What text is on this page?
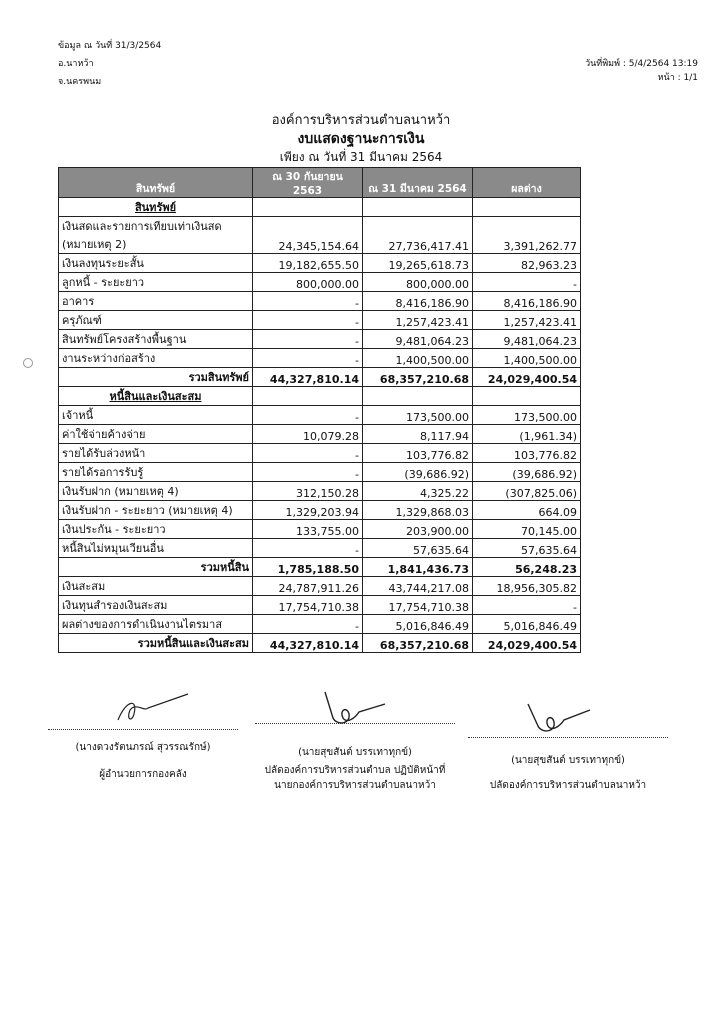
ข้อมูล ณ วันที่ 31/3/2564
อ.นาหว้า
จ.นครพนม
วันที่พิมพ์ : 5/4/2564 13:19
หน้า : 1/1
องค์การบริหารส่วนตำบลนาหว้า
งบแสดงฐานะการเงิน
เพียง ณ วันที่ 31 มีนาคม 2564
สินทรัพย์	ณ 30 กันยายน 2563	ณ 31 มีนาคม 2564	ผลต่าง
สินทรัพย์			
เงินสดและรายการเทียบเท่าเงินสด (หมายเหตุ 2)	24,345,154.64	27,736,417.41	3,391,262.77
เงินลงทุนระยะสั้น	19,182,655.50	19,265,618.73	82,963.23
ลูกหนี้ - ระยะยาว	800,000.00	800,000.00	-
อาคาร	-	8,416,186.90	8,416,186.90
ครุภัณฑ์	-	1,257,423.41	1,257,423.41
สินทรัพย์โครงสร้างพื้นฐาน	-	9,481,064.23	9,481,064.23
งานระหว่างก่อสร้าง	-	1,400,500.00	1,400,500.00
รวมสินทรัพย์	44,327,810.14	68,357,210.68	24,029,400.54
หนี้สินและเงินสะสม			
เจ้าหนี้	-	173,500.00	173,500.00
ค่าใช้จ่ายค้างจ่าย	10,079.28	8,117.94	(1,961.34)
รายได้รับล่วงหน้า	-	103,776.82	103,776.82
รายได้รอการรับรู้	-	(39,686.92)	(39,686.92)
เงินรับฝาก (หมายเหตุ 4)	312,150.28	4,325.22	(307,825.06)
เงินรับฝาก - ระยะยาว (หมายเหตุ 4)	1,329,203.94	1,329,868.03	664.09
เงินประกัน - ระยะยาว	133,755.00	203,900.00	70,145.00
หนี้สินไม่หมุนเวียนอื่น	-	57,635.64	57,635.64
รวมหนี้สิน	1,785,188.50	1,841,436.73	56,248.23
เงินสะสม	24,787,911.26	43,744,217.08	18,956,305.82
เงินทุนสำรองเงินสะสม	17,754,710.38	17,754,710.38	-
ผลต่างของการดำเนินงานไตรมาส	-	5,016,846.49	5,016,846.49
รวมหนี้สินและเงินสะสม	44,327,810.14	68,357,210.68	24,029,400.54
(นางดวงรัตนภรณ์ สุวรรณรักษ์)
ผู้อำนวยการกองคลัง
(นายสุขสันต์ บรรเทาทุกข์)
ปลัดองค์การบริหารส่วนตำบล ปฏิบัติหน้าที่
นายกองค์การบริหารส่วนตำบลนาหว้า
(นายสุขสันต์ บรรเทาทุกข์)
ปลัดองค์การบริหารส่วนตำบลนาหว้า
